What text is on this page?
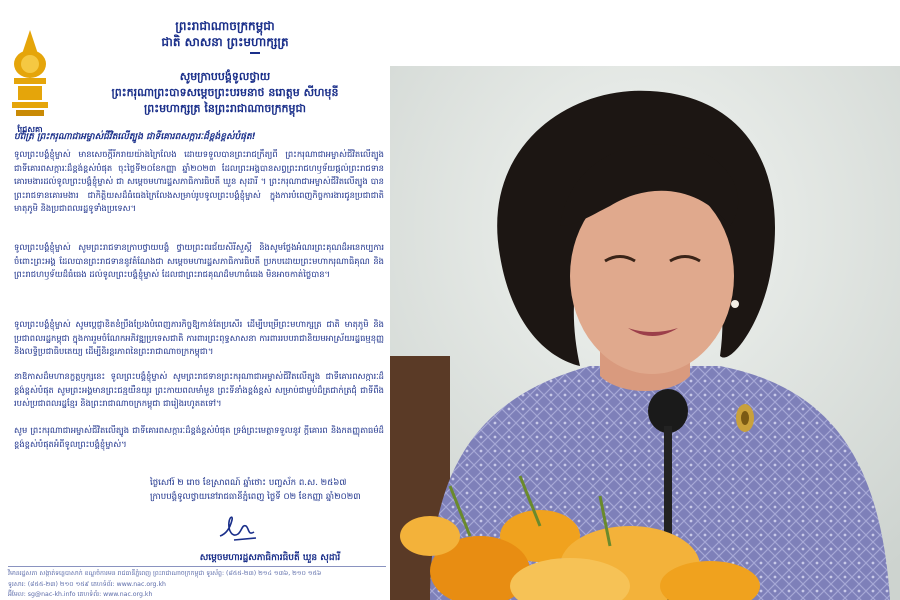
ជ្រែសគា
ព្រះរាជាណាចក្រកម្ពុជា
ជាតិ សាសនា ព្រះមហាក្សត្រ
សូមក្រាបបង្គំទូលថ្វាយ
ព្រះករុណាព្រះបាទសម្តេចព្រះបរមនាថ នរោត្តម សីហមុនី
ព្រះមហាក្សត្រ នៃព្រះរាជាណាចក្រកម្ពុជា
បពិត្រ ព្រះករុណាជាអម្ចាស់ជីវិតលើត្បូង ជាទីគោរពសក្ការៈដ៏ខ្ពង់ខ្ពស់បំផុត!
ទូលព្រះបង្គំខ្ញុំម្ចាស់ មានសេចក្តីរីករាយយ៉ាងក្រៃលែង ដោយទទួលបានព្រះរាជក្រឹត្យពី ព្រះករុណាជាអម្ចាស់ជីវិតលើត្បូង ជាទីគោរពសក្ការៈដ៏ខ្ពង់ខ្ពស់បំផុត ចុះថ្ងៃទី២០ខែកញ្ញា ឆ្នាំ២០២៣ ដែលព្រះអង្គបានសព្វព្រះរាជហឫទ័យផ្តល់ព្រះរាជទានគោរមងារដល់ទូលព្រះបង្គំខ្ញុំម្ចាស់ ជា សម្តេចមហារដ្ឋសភាធិការធិបតី ឃួន សុដារី ។ ព្រះករុណាជាអម្ចាស់ជីវិតលើត្បូង បានព្រះរាជទានគោរមងារ ជាកិត្តិយសដ៏ធំធេងក្រៃលែងសម្រាប់រូបទូលព្រះបង្គំខ្ញុំម្ចាស់ ក្នុងការបំពេញកិច្ចការងារជូនប្រជាជាតិ មាតុភូមិ និងប្រជាពលរដ្ឋទូទាំងប្រទេស។
ទូលព្រះបង្គំខ្ញុំម្ចាស់ សូមព្រះរាជទានក្រាបថ្វាយបង្គំ ថ្វាយព្រះពរជ័យសិរីសួស្តី និងសូមថ្លែងអំណរព្រះគុណដ៏អនេកប្បការចំពោះព្រះអង្គ ដែលបានព្រះរាជទាននូវតំណែងជា សម្តេចមហារដ្ឋសភាធិការធិបតី ប្រកបដោយព្រះមហាករុណាធិគុណ និងព្រះរាជហឫទ័យដ៏ធំធេង ដល់ទូលព្រះបង្គំខ្ញុំម្ចាស់ ដែលជាព្រះរាជគុណដ៏មហាធំធេង មិនអាចកាត់ថ្លៃបាន។
ទូលព្រះបង្គំខ្ញុំម្ចាស់ សូមប្តេជ្ញាខិតខំប្រឹងប្រែងបំពេញភារកិច្ចឱ្យកាន់តែប្រសើរ ដើម្បីបម្រើព្រះមហាក្សត្រ ជាតិ មាតុភូមិ និងប្រជាពលរដ្ឋកម្ពុជា ក្នុងការរួមចំណែកអភិវឌ្ឍប្រទេសជាតិ ការពារព្រះពុទ្ធសាសនា ការពាររបបរាជានិយមអាស្រ័យរដ្ឋធម្មនុញ្ញ និងលទ្ធិប្រជាធិបតេយ្យ ដើម្បីនិរន្តរភាពនៃព្រះរាជាណាចក្រកម្ពុជា។
នាឱកាសដ៏មហានក្ខត្តឫក្សនេះ ទូលព្រះបង្គំខ្ញុំម្ចាស់ សូមព្រះរាជទានព្រះករុណាជាអម្ចាស់ជីវិតលើត្បូង ជាទីគោរពសក្ការៈដ៏ខ្ពង់ខ្ពស់បំផុត សូមព្រះអង្គមានព្រះជន្មយឺនយូរ ព្រះកាយពលមាំមួន ព្រះទីនាំងខ្ពង់ខ្ពស់ សម្រាប់ជាម្លប់ដ៏ត្រជាក់ត្រជុំ ជាទីពឹងរបស់ប្រជាពលរដ្ឋខ្មែរ និងព្រះរាជាណាចក្រកម្ពុជា ជារៀងរហូតតទៅ។
សូម ព្រះករុណាជាអម្ចាស់ជីវិតលើត្បូង ជាទីគោរពសក្ការៈដ៏ខ្ពង់ខ្ពស់បំផុត ទ្រង់ព្រះមេត្តាទទួលនូវ ក្តីគោរព និងកតញ្ញុតាធម៌ដ៏ខ្ពង់ខ្ពស់បំផុតអំពីទូលព្រះបង្គំខ្ញុំម្ចាស់។
ថ្ងៃសៅរ៍ ២ រោច ខែស្រាពណ៍ ឆ្នាំថោះ បញ្ចស័ក ព.ស. ២៥៦៧
ក្រាបបង្គំទូលថ្វាយនៅរាជធានីភ្នំពេញ ថ្ងៃទី ០២ ខែកញ្ញា ឆ្នាំ២០២៣
សម្តេចមហារដ្ឋសភាធិការធិបតី ឃួន សុដារី
វិមានរដ្ឋសភា សង្កាត់ទន្លេបាសាក់ ខណ្ឌចំការមន រាជធានីភ្នំពេញ ព្រះរាជាណាចក្រកម្ពុជា ទូរស័ព្ទ: (៨៥៥-២៣) ២១៤ ១៣៦, ២១០ ១៥៦
ទូរសារ: (៨៥៥-២៣) ២១០ ១៥៩ គេហទំព័រ: www.nac.org.kh
អ៊ីមែល: sg@nac-kh.info គេហទំព័រ: www.nac.org.kh
